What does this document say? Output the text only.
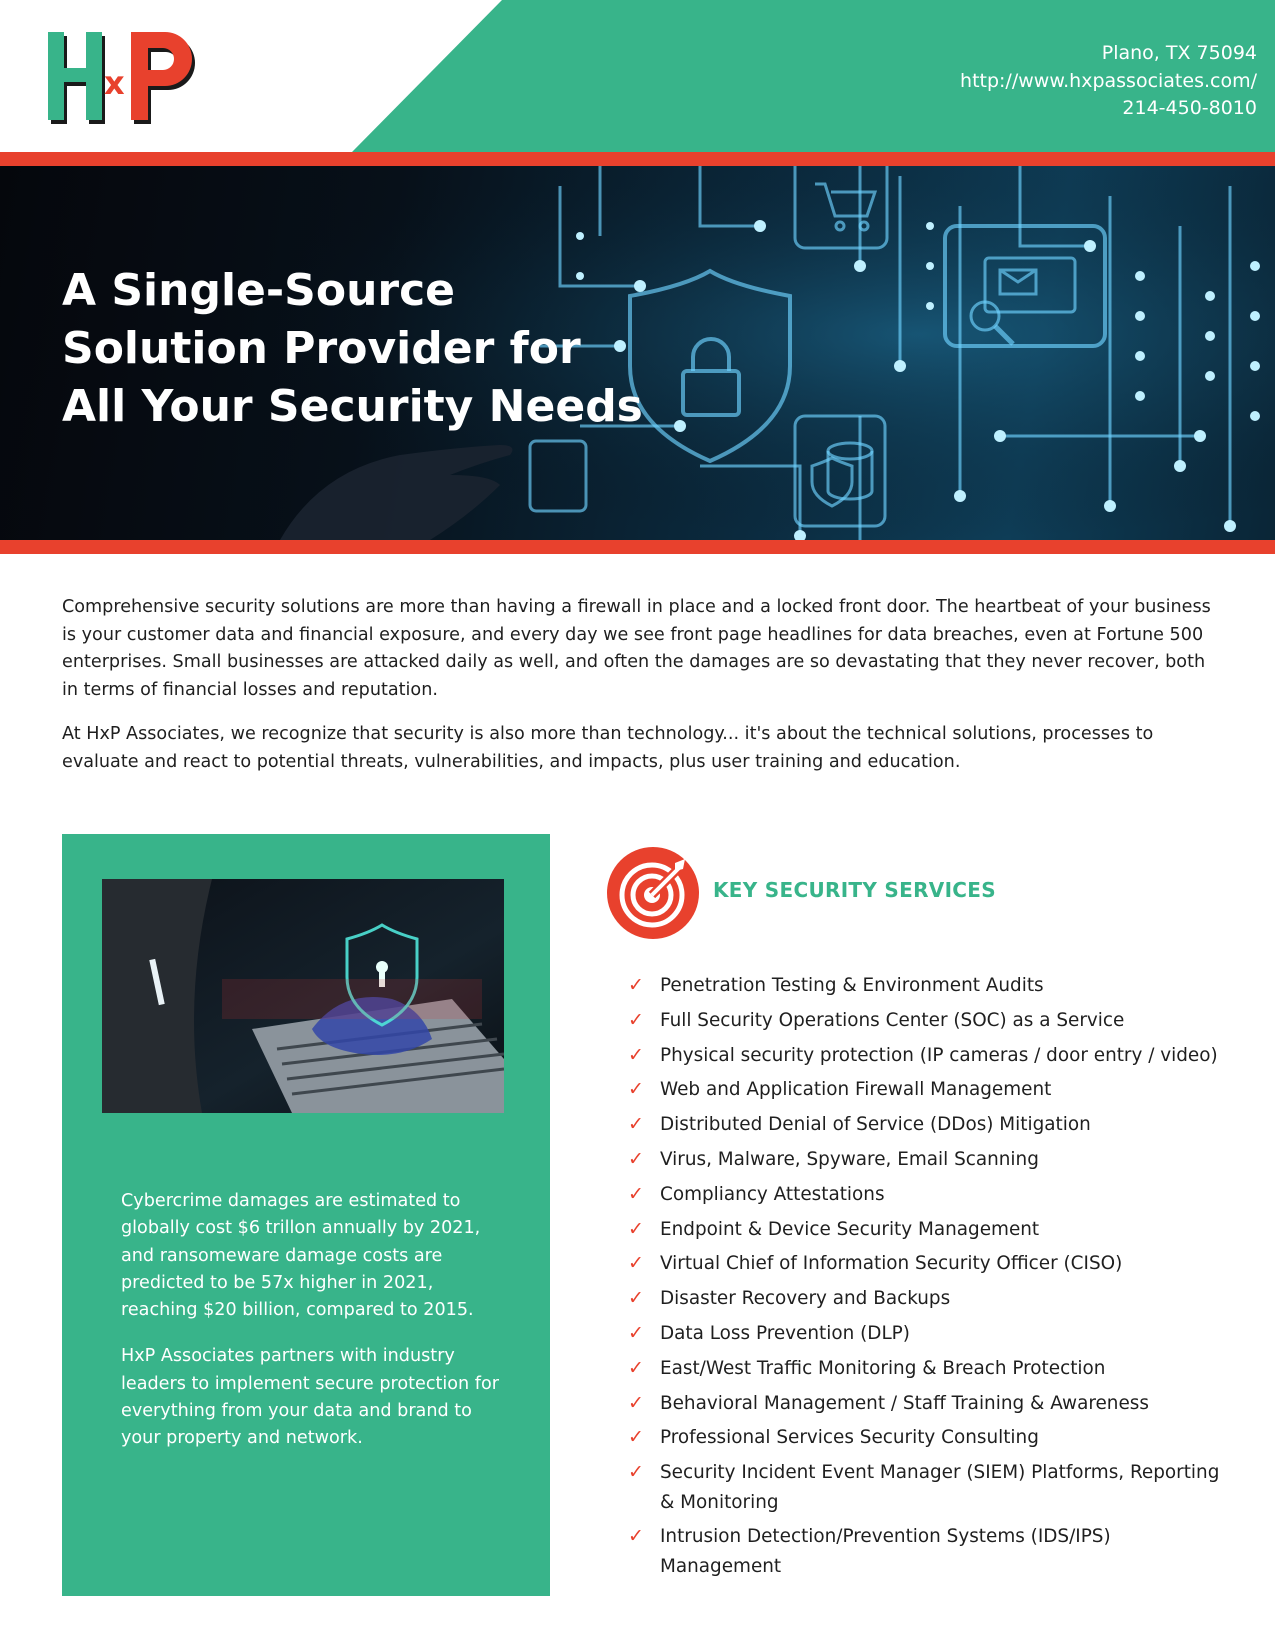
x
Plano, TX 75094
http://www.hxpassociates.com/
214-450-8010
A Single-Source
Solution Provider for
All Your Security Needs

Comprehensive security solutions are more than having a firewall in place and a locked front door. The heartbeat of your business is your customer data and financial exposure, and every day we see front page headlines for data breaches, even at Fortune 500 enterprises. Small businesses are attacked daily as well, and often the damages are so devastating that they never recover, both in terms of financial losses and reputation.

At HxP Associates, we recognize that security is also more than technology... it's about the technical solutions, processes to evaluate and react to potential threats, vulnerabilities, and impacts, plus user training and education.

Cybercrime damages are estimated to globally cost $6 trillon annually by 2021, and ransomeware damage costs are predicted to be 57x higher in 2021, reaching $20 billion, compared to 2015.

HxP Associates partners with industry leaders to implement secure protection for everything from your data and brand to your property and network.

KEY SECURITY SERVICES
✓ Penetration Testing & Environment Audits
✓ Full Security Operations Center (SOC) as a Service
✓ Physical security protection (IP cameras / door entry / video)
✓ Web and Application Firewall Management
✓ Distributed Denial of Service (DDos) Mitigation
✓ Virus, Malware, Spyware, Email Scanning
✓ Compliancy Attestations
✓ Endpoint & Device Security Management
✓ Virtual Chief of Information Security Officer (CISO)
✓ Disaster Recovery and Backups
✓ Data Loss Prevention (DLP)
✓ East/West Traffic Monitoring & Breach Protection
✓ Behavioral Management / Staff Training & Awareness
✓ Professional Services Security Consulting
✓ Security Incident Event Manager (SIEM) Platforms, Reporting & Monitoring
✓ Intrusion Detection/Prevention Systems (IDS/IPS) Management
